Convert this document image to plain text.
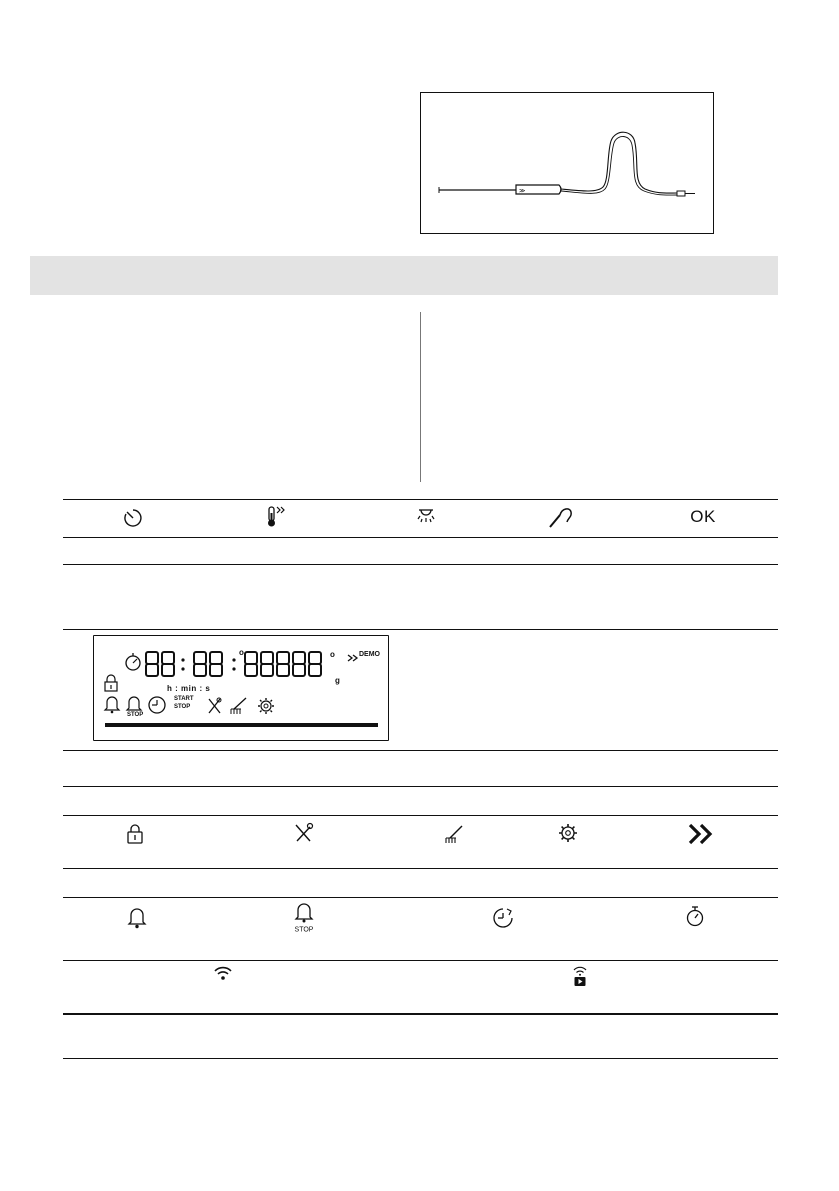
≫
OK
o	o	DEMO
g
h : min : s
STOP
START
STOP
STOP
